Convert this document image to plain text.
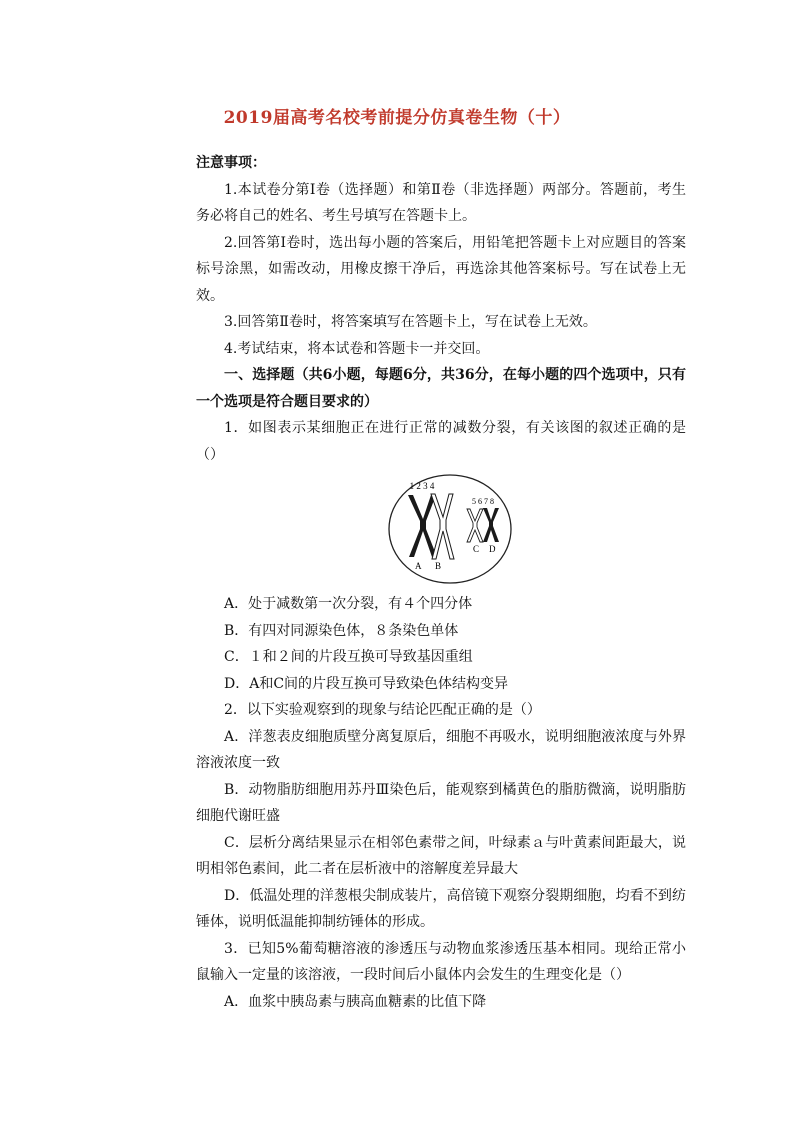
2019届高考名校考前提分仿真卷生物（十）

注意事项：

1.本试卷分第Ⅰ卷（选择题）和第Ⅱ卷（非选择题）两部分。答题前，考生务必将自己的姓名、考生号填写在答题卡上。

2.回答第Ⅰ卷时，选出每小题的答案后，用铅笔把答题卡上对应题目的答案标号涂黑，如需改动，用橡皮擦干净后，再选涂其他答案标号。写在试卷上无效。

3.回答第Ⅱ卷时，将答案填写在答题卡上，写在试卷上无效。

4.考试结束，将本试卷和答题卡一并交回。

一、选择题（共6小题，每题6分，共36分，在每小题的四个选项中，只有一个选项是符合题目要求的）

1．如图表示某细胞正在进行正常的减数分裂，有关该图的叙述正确的是（）

1 2 3 4
5 6 7 8
A B
C D

A．处于减数第一次分裂，有４个四分体

B．有四对同源染色体，８条染色单体

C．１和２间的片段互换可导致基因重组

D．A和C间的片段互换可导致染色体结构变异

2．以下实验观察到的现象与结论匹配正确的是（）

A．洋葱表皮细胞质壁分离复原后，细胞不再吸水，说明细胞液浓度与外界溶液浓度一致

B．动物脂肪细胞用苏丹Ⅲ染色后，能观察到橘黄色的脂肪微滴，说明脂肪细胞代谢旺盛

C．层析分离结果显示在相邻色素带之间，叶绿素ａ与叶黄素间距最大，说明相邻色素间，此二者在层析液中的溶解度差异最大

D．低温处理的洋葱根尖制成装片，高倍镜下观察分裂期细胞，均看不到纺锤体，说明低温能抑制纺锤体的形成。

3．已知5%葡萄糖溶液的渗透压与动物血浆渗透压基本相同。现给正常小鼠输入一定量的该溶液，一段时间后小鼠体内会发生的生理变化是（）

A．血浆中胰岛素与胰高血糖素的比值下降
